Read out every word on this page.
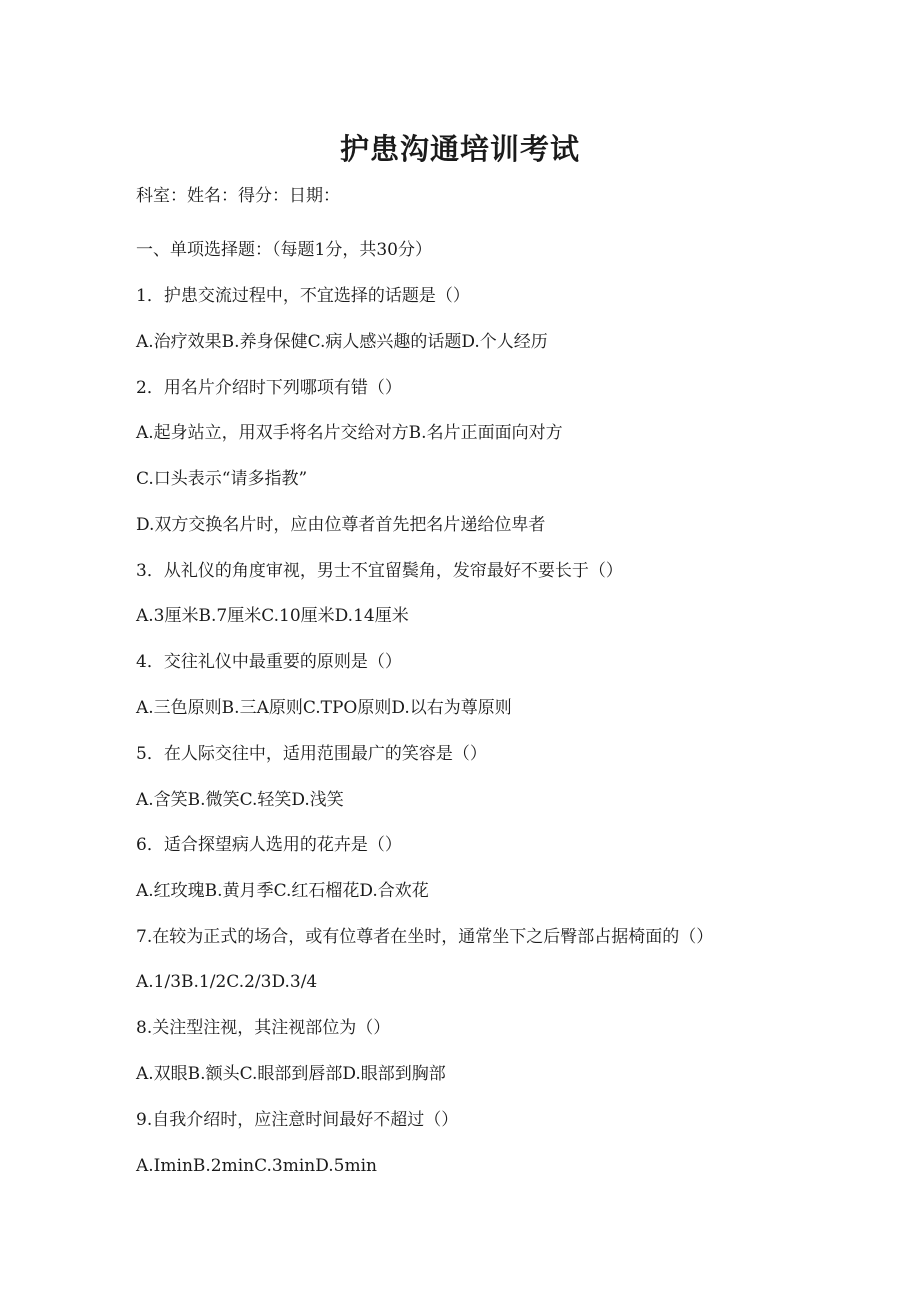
护患沟通培训考试

科室：姓名：得分：日期：

一、单项选择题：（每题1分，共30分）

1．护患交流过程中，不宜选择的话题是（）

A.治疗效果B.养身保健C.病人感兴趣的话题D.个人经历

2．用名片介绍时下列哪项有错（）

A.起身站立，用双手将名片交给对方B.名片正面面向对方

C.口头表示“请多指教”

D.双方交换名片时，应由位尊者首先把名片递给位卑者

3．从礼仪的角度审视，男士不宜留鬓角，发帘最好不要长于（）

A.3厘米B.7厘米C.10厘米D.14厘米

4．交往礼仪中最重要的原则是（）

A.三色原则B.三A原则C.TPO原则D.以右为尊原则

5．在人际交往中，适用范围最广的笑容是（）

A.含笑B.微笑C.轻笑D.浅笑

6．适合探望病人选用的花卉是（）

A.红玫瑰B.黄月季C.红石榴花D.合欢花

7.在较为正式的场合，或有位尊者在坐时，通常坐下之后臀部占据椅面的（）

A.1/3B.1/2C.2/3D.3/4

8.关注型注视，其注视部位为（）

A.双眼B.额头C.眼部到唇部D.眼部到胸部

9.自我介绍时，应注意时间最好不超过（）

A.IminB.2minC.3minD.5min
